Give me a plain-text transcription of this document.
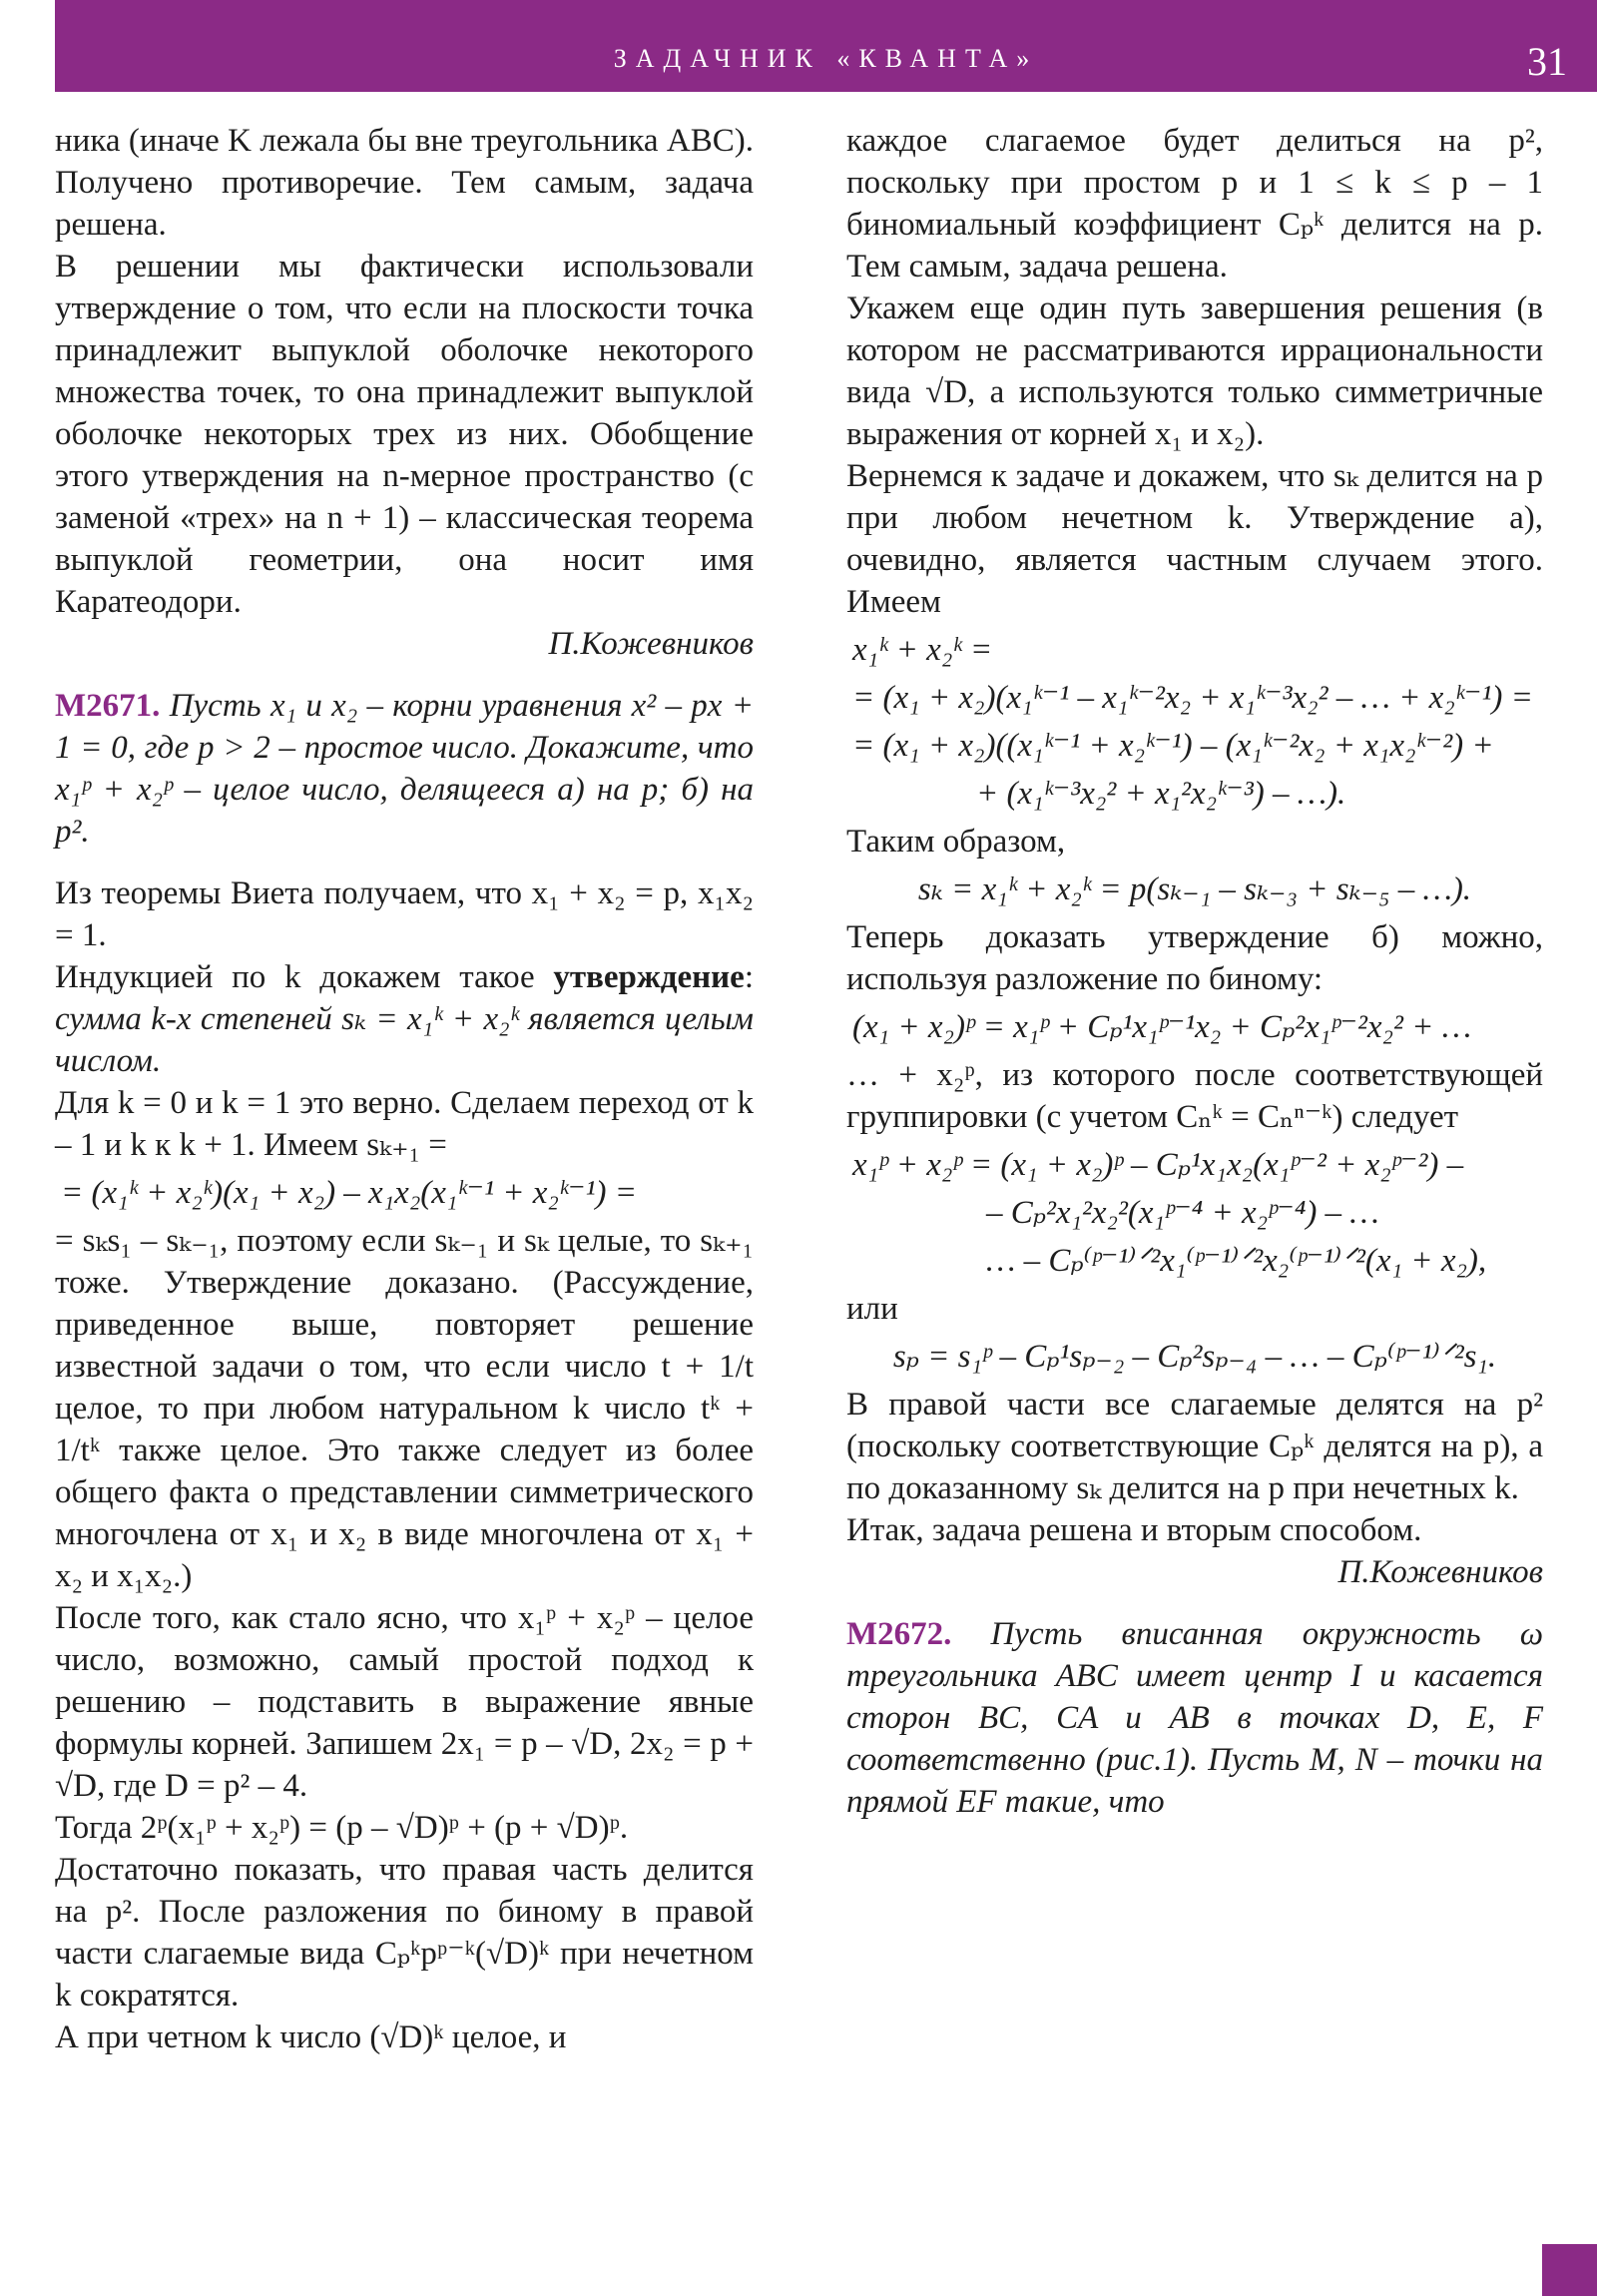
ЗАДАЧНИК «КВАНТА»	31

ника (иначе K лежала бы вне треугольника ABC). Получено противоречие. Тем самым, задача решена.

В решении мы фактически использовали утверждение о том, что если на плоскости точка принадлежит выпуклой оболочке некоторого множества точек, то она принадлежит выпуклой оболочке некоторых трех из них. Обобщение этого утверждения на n-мерное пространство (с заменой «трех» на n + 1) – классическая теорема выпуклой геометрии, она носит имя Каратеодори.

П.Кожевников

М2671. Пусть x₁ и x₂ – корни уравнения x² – px + 1 = 0, где p > 2 – простое число. Докажите, что x₁ᵖ + x₂ᵖ – целое число, делящееся а) на p; б) на p².

Из теоремы Виета получаем, что x₁ + x₂ = p, x₁x₂ = 1.

Индукцией по k докажем такое утверждение: сумма k-х степеней sₖ = x₁ᵏ + x₂ᵏ является целым числом.

Для k = 0 и k = 1 это верно. Сделаем переход от k – 1 и k к k + 1. Имеем sₖ₊₁ =

= (x₁ᵏ + x₂ᵏ)(x₁ + x₂) – x₁x₂(x₁ᵏ⁻¹ + x₂ᵏ⁻¹) =

= sₖs₁ – sₖ₋₁, поэтому если sₖ₋₁ и sₖ целые, то sₖ₊₁ тоже. Утверждение доказано. (Рассуждение, приведенное выше, повторяет решение известной задачи о том, что если число t + 1/t целое, то при любом натуральном k число tᵏ + 1/tᵏ также целое. Это также следует из более общего факта о представлении симметрического многочлена от x₁ и x₂ в виде многочлена от x₁ + x₂ и x₁x₂.)

После того, как стало ясно, что x₁ᵖ + x₂ᵖ – целое число, возможно, самый простой подход к решению – подставить в выражение явные формулы корней. Запишем 2x₁ = p – √D, 2x₂ = p + √D, где D = p² – 4.

Тогда 2ᵖ(x₁ᵖ + x₂ᵖ) = (p – √D)ᵖ + (p + √D)ᵖ.

Достаточно показать, что правая часть делится на p². После разложения по биному в правой части слагаемые вида Cₚᵏpᵖ⁻ᵏ(√D)ᵏ при нечетном k сократятся.

А при четном k число (√D)ᵏ целое, и

каждое слагаемое будет делиться на p², поскольку при простом p и 1 ≤ k ≤ p – 1 биномиальный коэффициент Cₚᵏ делится на p. Тем самым, задача решена.

Укажем еще один путь завершения решения (в котором не рассматриваются иррациональности вида √D, а используются только симметричные выражения от корней x₁ и x₂).

Вернемся к задаче и докажем, что sₖ делится на p при любом нечетном k. Утверждение а), очевидно, является частным случаем этого. Имеем

x₁ᵏ + x₂ᵏ =

= (x₁ + x₂)(x₁ᵏ⁻¹ – x₁ᵏ⁻²x₂ + x₁ᵏ⁻³x₂² – … + x₂ᵏ⁻¹) =

= (x₁ + x₂)((x₁ᵏ⁻¹ + x₂ᵏ⁻¹) – (x₁ᵏ⁻²x₂ + x₁x₂ᵏ⁻²) +

+ (x₁ᵏ⁻³x₂² + x₁²x₂ᵏ⁻³) – …).

Таким образом,

sₖ = x₁ᵏ + x₂ᵏ = p(sₖ₋₁ – sₖ₋₃ + sₖ₋₅ – …).

Теперь доказать утверждение б) можно, используя разложение по биному:

(x₁ + x₂)ᵖ = x₁ᵖ + Cₚ¹x₁ᵖ⁻¹x₂ + Cₚ²x₁ᵖ⁻²x₂² + …

… + x₂ᵖ, из которого после соответствующей группировки (с учетом Cₙᵏ = Cₙⁿ⁻ᵏ) следует

x₁ᵖ + x₂ᵖ = (x₁ + x₂)ᵖ – Cₚ¹x₁x₂(x₁ᵖ⁻² + x₂ᵖ⁻²) –

– Cₚ²x₁²x₂²(x₁ᵖ⁻⁴ + x₂ᵖ⁻⁴) – …

… – Cₚ⁽ᵖ⁻¹⁾ᐟ²x₁⁽ᵖ⁻¹⁾ᐟ²x₂⁽ᵖ⁻¹⁾ᐟ²(x₁ + x₂),

или

sₚ = s₁ᵖ – Cₚ¹sₚ₋₂ – Cₚ²sₚ₋₄ – … – Cₚ⁽ᵖ⁻¹⁾ᐟ²s₁.

В правой части все слагаемые делятся на p² (поскольку соответствующие Cₚᵏ делятся на p), а по доказанному sₖ делится на p при нечетных k.

Итак, задача решена и вторым способом.

П.Кожевников

М2672. Пусть вписанная окружность ω треугольника ABC имеет центр I и касается сторон BC, CA и AB в точках D, E, F соответственно (рис.1). Пусть M, N – точки на прямой EF такие, что
